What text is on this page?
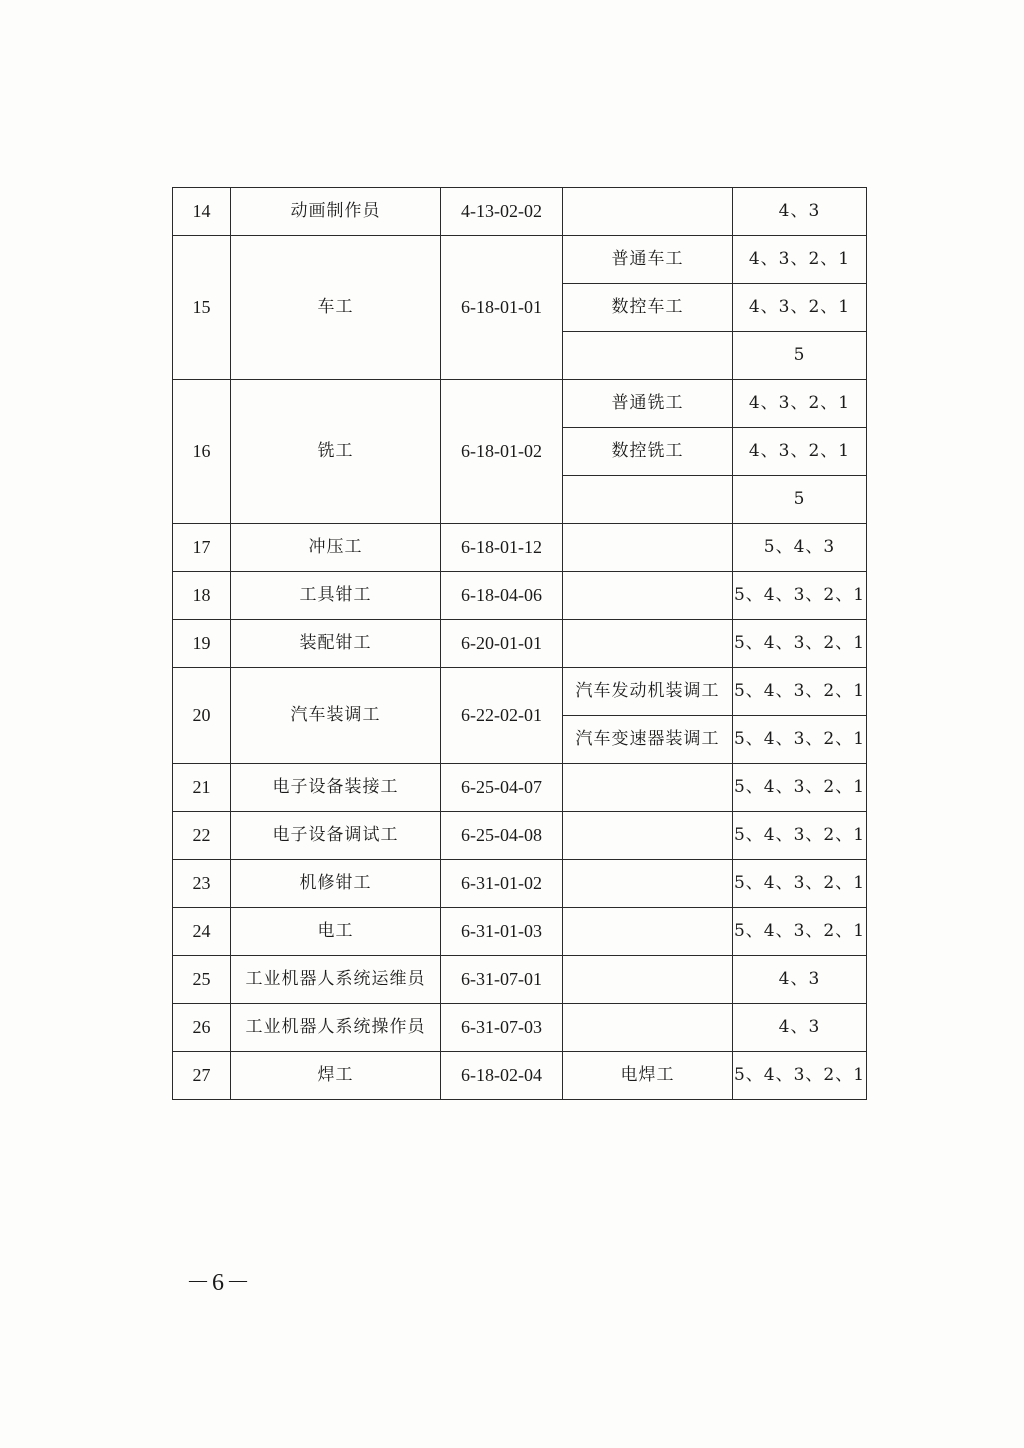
14	动画制作员	4-13-02-02		4、3
15	车工	6-18-01-01	普通车工	4、3、2、1
			数控车工	4、3、2、1
				5
16	铣工	6-18-01-02	普通铣工	4、3、2、1
			数控铣工	4、3、2、1
				5
17	冲压工	6-18-01-12		5、4、3
18	工具钳工	6-18-04-06		5、4、3、2、1
19	装配钳工	6-20-01-01		5、4、3、2、1
20	汽车装调工	6-22-02-01	汽车发动机装调工	5、4、3、2、1
			汽车变速器装调工	5、4、3、2、1
21	电子设备装接工	6-25-04-07		5、4、3、2、1
22	电子设备调试工	6-25-04-08		5、4、3、2、1
23	机修钳工	6-31-01-02		5、4、3、2、1
24	电工	6-31-01-03		5、4、3、2、1
25	工业机器人系统运维员	6-31-07-01		4、3
26	工业机器人系统操作员	6-31-07-03		4、3
27	焊工	6-18-02-04	电焊工	5、4、3、2、1
－6－
